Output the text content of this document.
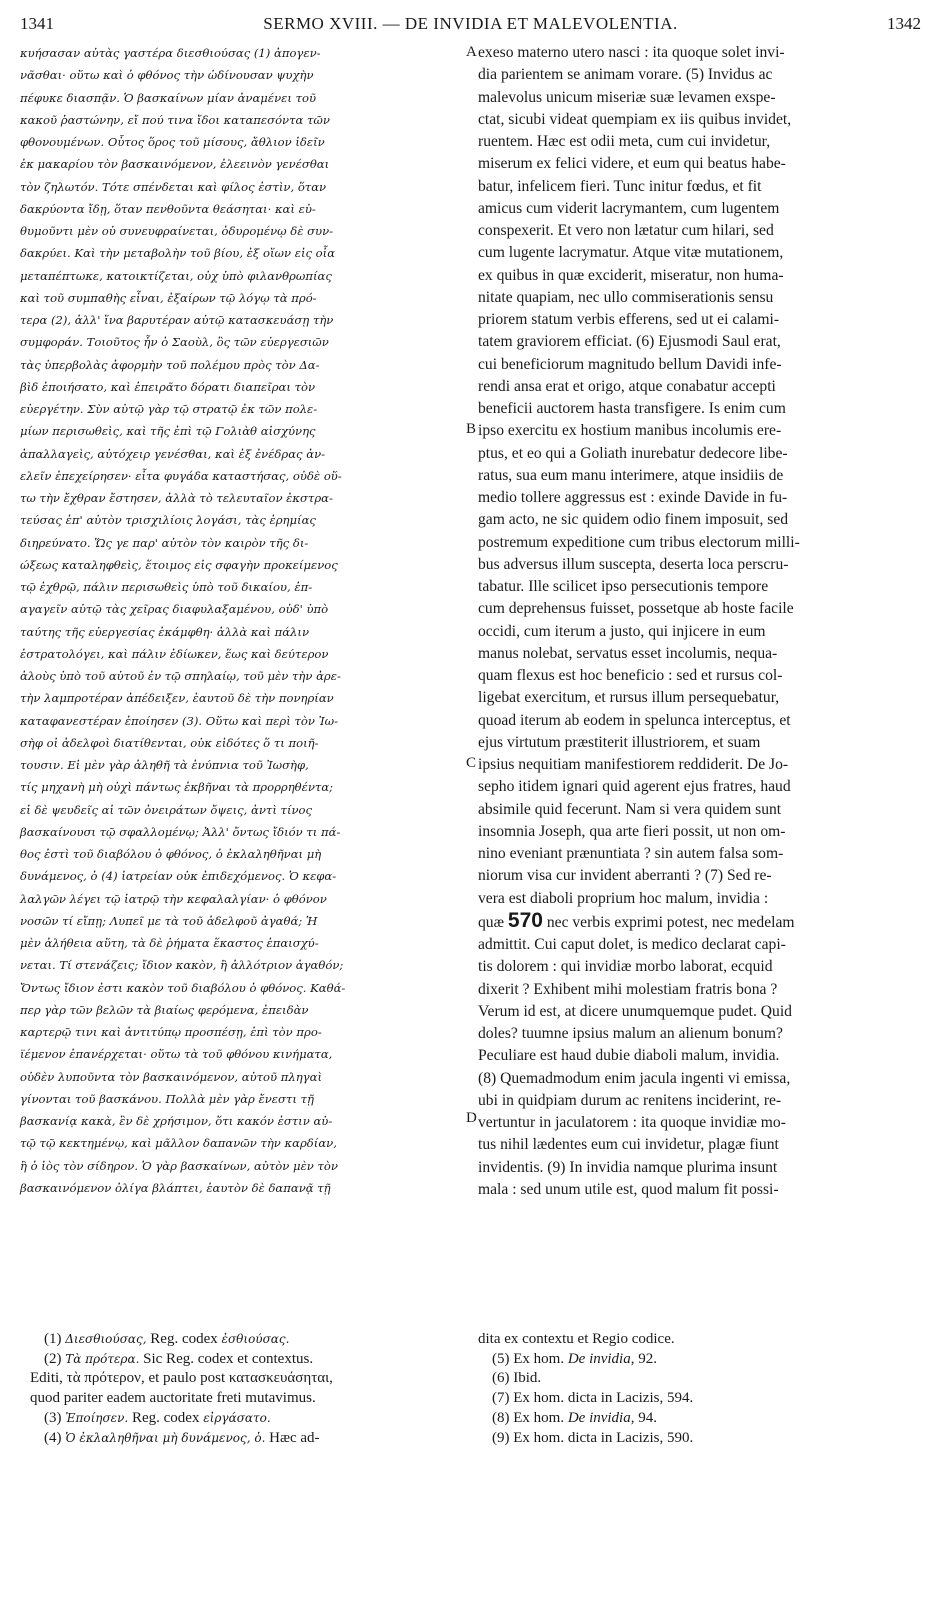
1341	SERMO XVIII. — DE INVIDIA ET MALEVOLENTIA.	1342
κυήσασαν αὐτὰς γαστέρα διεσθιούσας (1) ἀπογεν-
νᾶσθαι· οὕτω καὶ ὁ φθόνος τὴν ὠδίνουσαν ψυχὴν
πέφυκε διασπᾷν. Ὁ βασκαίνων μίαν ἀναμένει τοῦ
κακοῦ ῥαστώνην, εἴ πού τινα ἴδοι καταπεσόντα τῶν
φθονουμένων. Οὗτος ὅρος τοῦ μίσους, ἄθλιον ἰδεῖν
ἐκ μακαρίου τὸν βασκαινόμενον, ἐλεεινὸν γενέσθαι
τὸν ζηλωτόν. Τότε σπένδεται καὶ φίλος ἐστὶν, ὅταν
δακρύοντα ἴδῃ, ὅταν πενθοῦντα θεάσηται· καὶ εὐ-
θυμοῦντι μὲν οὐ συνευφραίνεται, ὀδυρομένῳ δὲ συν-
δακρύει. Καὶ τὴν μεταβολὴν τοῦ βίου, ἐξ οἵων εἰς οἷα
μεταπέπτωκε, κατοικτίζεται, οὐχ ὑπὸ φιλανθρωπίας
καὶ τοῦ συμπαθὴς εἶναι, ἐξαίρων τῷ λόγῳ τὰ πρό-
τερα (2), ἀλλ' ἵνα βαρυτέραν αὐτῷ κατασκευάσῃ τὴν
συμφοράν. Τοιοῦτος ἦν ὁ Σαοὺλ, ὃς τῶν εὐεργεσιῶν
τὰς ὑπερβολὰς ἀφορμὴν τοῦ πολέμου πρὸς τὸν Δα-
βὶδ ἐποιήσατο, καὶ ἐπειρᾶτο δόρατι διαπεῖραι τὸν
εὐεργέτην. Σὺν αὐτῷ γὰρ τῷ στρατῷ ἐκ τῶν πολε-
μίων περισωθεὶς, καὶ τῆς ἐπὶ τῷ Γολιὰθ αἰσχύνης
ἀπαλλαγεὶς, αὐτόχειρ γενέσθαι, καὶ ἐξ ἐνέδρας ἀν-
ελεῖν ἐπεχείρησεν· εἶτα φυγάδα καταστήσας, οὐδὲ οὕ-
τω τὴν ἔχθραν ἔστησεν, ἀλλὰ τὸ τελευταῖον ἐκστρα-
τεύσας ἐπ' αὐτὸν τρισχιλίοις λογάσι, τὰς ἐρημίας
διηρεύνατο. Ὥς γε παρ' αὐτὸν τὸν καιρὸν τῆς δι-
ώξεως καταληφθεὶς, ἕτοιμος εἰς σφαγὴν προκείμενος
τῷ ἐχθρῷ, πάλιν περισωθεὶς ὑπὸ τοῦ δικαίου, ἐπ-
αγαγεῖν αὐτῷ τὰς χεῖρας διαφυλαξαμένου, οὐδ' ὑπὸ
ταύτης τῆς εὐεργεσίας ἐκάμφθη· ἀλλὰ καὶ πάλιν
ἐστρατολόγει, καὶ πάλιν ἐδίωκεν, ἕως καὶ δεύτερον
ἁλοὺς ὑπὸ τοῦ αὐτοῦ ἐν τῷ σπηλαίῳ, τοῦ μὲν τὴν ἀρε-
τὴν λαμπροτέραν ἀπέδειξεν, ἑαυτοῦ δὲ τὴν πονηρίαν
καταφανεστέραν ἐποίησεν (3). Οὕτω καὶ περὶ τὸν Ἰω-
σὴφ οἱ ἀδελφοὶ διατίθενται, οὐκ εἰδότες ὅ τι ποιῆ-
τουσιν. Εἰ μὲν γὰρ ἀληθῆ τὰ ἐνύπνια τοῦ Ἰωσὴφ,
τίς μηχανὴ μὴ οὐχὶ πάντως ἐκβῆναι τὰ προρρηθέντα;
εἰ δὲ ψευδεῖς αἱ τῶν ὀνειράτων ὄψεις, ἀντὶ τίνος
βασκαίνουσι τῷ σφαλλομένῳ; Ἀλλ' ὄντως ἴδιόν τι πά-
θος ἐστὶ τοῦ διαβόλου ὁ φθόνος, ὁ ἐκλαληθῆναι μὴ
δυνάμενος, ὁ (4) ἰατρείαν οὐκ ἐπιδεχόμενος. Ὁ κεφα-
λαλγῶν λέγει τῷ ἰατρῷ τὴν κεφαλαλγίαν· ὁ φθόνον
νοσῶν τί εἴπῃ; Λυπεῖ με τὰ τοῦ ἀδελφοῦ ἀγαθά; Ἡ
μὲν ἀλήθεια αὕτη, τὰ δὲ ῥήματα ἕκαστος ἐπαισχύ-
νεται. Τί στενάζεις; ἴδιον κακὸν, ἢ ἀλλότριον ἀγαθόν;
Ὄντως ἴδιον ἐστι κακὸν τοῦ διαβόλου ὁ φθόνος. Καθά-
περ γὰρ τῶν βελῶν τὰ βιαίως φερόμενα, ἐπειδὰν
καρτερῷ τινι καὶ ἀντιτύπῳ προσπέσῃ, ἐπὶ τὸν προ-
ϊέμενον ἐπανέρχεται· οὕτω τὰ τοῦ φθόνου κινήματα,
οὐδὲν λυποῦντα τὸν βασκαινόμενον, αὐτοῦ πληγαὶ
γίνονται τοῦ βασκάνου. Πολλὰ μὲν γὰρ ἔνεστι τῇ
βασκανίᾳ κακὰ, ἓν δὲ χρήσιμον, ὅτι κακόν ἐστιν αὐ-
τῷ τῷ κεκτημένῳ, καὶ μᾶλλον δαπανῶν τὴν καρδίαν,
ἢ ὁ ἰὸς τὸν σίδηρον. Ὁ γὰρ βασκαίνων, αὐτὸν μὲν τὸν
βασκαινόμενον ὀλίγα βλάπτει, ἑαυτὸν δὲ δαπανᾷ τῇ
exeso materno utero nasci : ita quoque solet invi-
dia parientem se animam vorare. (5) Invidus ac
malevolus unicum miseriæ suæ levamen exspe-
ctat, sicubi videat quempiam ex iis quibus invidet,
ruentem. Hæc est odii meta, cum cui invidetur,
miserum ex felici videre, et eum qui beatus habe-
batur, infelicem fieri. Tunc initur fœdus, et fit
amicus cum viderit lacrymantem, cum lugentem
conspexerit. Et vero non lætatur cum hilari, sed
cum lugente lacrymatur. Atque vitæ mutationem,
ex quibus in quæ exciderit, miseratur, non huma-
nitate quapiam, nec ullo commiserationis sensu
priorem statum verbis efferens, sed ut ei calami-
tatem graviorem efficiat. (6) Ejusmodi Saul erat,
cui beneficiorum magnitudo bellum Davidi infe-
rendi ansa erat et origo, atque conabatur accepti
beneficii auctorem hasta transfigere. Is enim cum
ipso exercitu ex hostium manibus incolumis ere-
ptus, et eo qui a Goliath inurebatur dedecore libe-
ratus, sua eum manu interimere, atque insidiis de
medio tollere aggressus est : exinde Davide in fu-
gam acto, ne sic quidem odio finem imposuit, sed
postremum expeditione cum tribus electorum milli-
bus adversus illum suscepta, deserta loca perscru-
tabatur. Ille scilicet ipso persecutionis tempore
cum deprehensus fuisset, possetque ab hoste facile
occidi, cum iterum a justo, qui injicere in eum
manus nolebat, servatus esset incolumis, nequa-
quam flexus est hoc beneficio : sed et rursus col-
ligebat exercitum, et rursus illum persequebatur,
quoad iterum ab eodem in spelunca interceptus, et
ejus virtutum præstiterit illustriorem, et suam
ipsius nequitiam manifestiorem reddiderit. De Jo-
sepho itidem ignari quid agerent ejus fratres, haud
absimile quid fecerunt. Nam si vera quidem sunt
insomnia Joseph, qua arte fieri possit, ut non om-
nino eveniant prænuntiata ? sin autem falsa som-
niorum visa cur invident aberranti ? (7) Sed re-
vera est diaboli proprium hoc malum, invidia :
quæ 570 nec verbis exprimi potest, nec medelam
admittit. Cui caput dolet, is medico declarat capi-
tis dolorem : qui invidiæ morbo laborat, ecquid
dixerit ? Exhibent mihi molestiam fratris bona ?
Verum id est, at dicere unumquemque pudet. Quid
doles? tuumne ipsius malum an alienum bonum?
Peculiare est haud dubie diaboli malum, invidia.
(8) Quemadmodum enim jacula ingenti vi emissa,
ubi in quidpiam durum ac renitens inciderint, re-
vertuntur in jaculatorem : ita quoque invidiæ mo-
tus nihil lædentes eum cui invidetur, plagæ fiunt
invidentis. (9) In invidia namque plurima insunt
mala : sed unum utile est, quod malum fit possi-
A
B
C
D
(1) Διεσθιούσας, Reg. codex ἐσθιούσας.
(2) Τὰ πρότερα. Sic Reg. codex et contextus.
Editi, τὰ πρότερον, et paulo post κατασκευάσηται,
quod pariter eadem auctoritate freti mutavimus.
(3) Ἐποίησεν. Reg. codex εἰργάσατο.
(4) Ὁ ἐκλαληθῆναι μὴ δυνάμενος, ὁ. Hæc ad-
dita ex contextu et Regio codice.
(5) Ex hom. De invidia, 92.
(6) Ibid.
(7) Ex hom. dicta in Lacizis, 594.
(8) Ex hom. De invidia, 94.
(9) Ex hom. dicta in Lacizis, 590.
